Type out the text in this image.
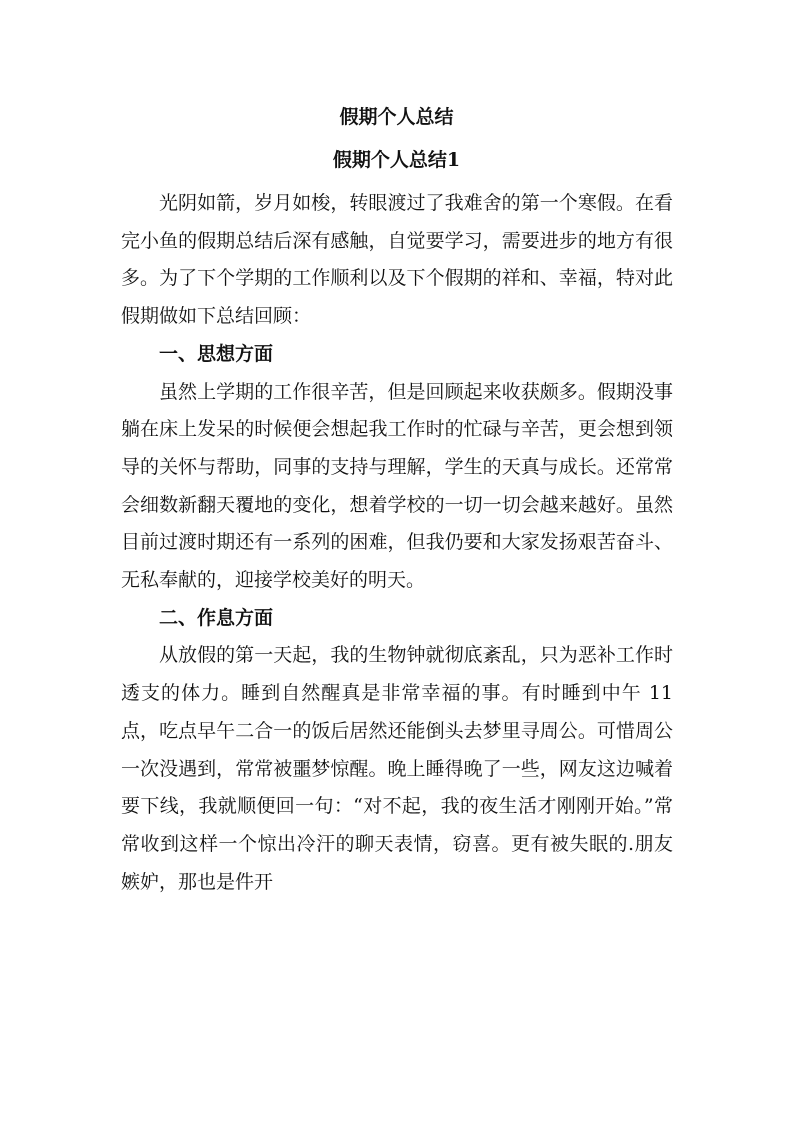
假期个人总结
假期个人总结1

光阴如箭，岁月如梭，转眼渡过了我难舍的第一个寒假。在看完小鱼的假期总结后深有感触，自觉要学习，需要进步的地方有很多。为了下个学期的工作顺利以及下个假期的祥和、幸福，特对此假期做如下总结回顾：

一、思想方面

虽然上学期的工作很辛苦，但是回顾起来收获颇多。假期没事躺在床上发呆的时候便会想起我工作时的忙碌与辛苦，更会想到领导的关怀与帮助，同事的支持与理解，学生的天真与成长。还常常会细数新翻天覆地的变化，想着学校的一切一切会越来越好。虽然目前过渡时期还有一系列的困难，但我仍要和大家发扬艰苦奋斗、无私奉献的，迎接学校美好的明天。

二、作息方面

从放假的第一天起，我的生物钟就彻底紊乱，只为恶补工作时透支的体力。睡到自然醒真是非常幸福的事。有时睡到中午 11 点，吃点早午二合一的饭后居然还能倒头去梦里寻周公。可惜周公一次没遇到，常常被噩梦惊醒。晚上睡得晚了一些，网友这边喊着要下线，我就顺便回一句：“对不起，我的夜生活才刚刚开始。”常常收到这样一个惊出冷汗的聊天表情，窃喜。更有被失眠的.朋友嫉妒，那也是件开
